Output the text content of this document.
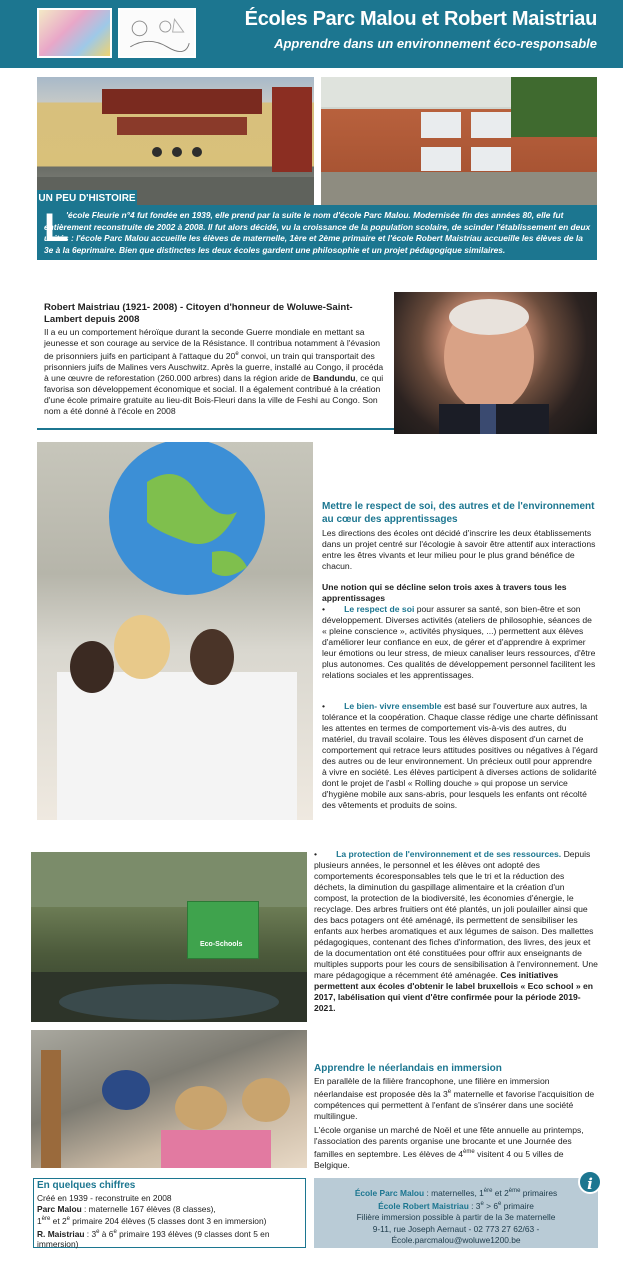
Écoles Parc Malou et Robert Maistriau
Apprendre dans un environnement éco-responsable
UN PEU D'HISTOIRE
L
'école Fleurie n°4 fut fondée en 1939, elle prend par la suite le nom d'école Parc Malou. Modernisée fin des années 80, elle fut entièrement reconstruite de 2002 à 2008. Il fut alors décidé, vu la croissance de la population scolaire, de scinder l'établissement en deux unités : l'école Parc Malou accueille les élèves de maternelle, 1ère et 2ème primaire et l'école Robert Maistriau accueille les élèves de la 3e à la 6eprimaire. Bien que distinctes les deux écoles gardent une philosophie et un projet pédagogique similaires.
Robert Maistriau (1921- 2008) - Citoyen d'honneur de Woluwe-Saint-Lambert depuis 2008
Il a eu un comportement héroïque durant la seconde Guerre mondiale en mettant sa jeunesse et son courage au service de la Résistance. Il contribua notamment à l'évasion de prisonniers juifs en participant à l'attaque du 20e convoi, un train qui transportait des prisonniers juifs de Malines vers Auschwitz. Après la guerre, installé au Congo, il procéda à une œuvre de reforestation (260.000 arbres) dans la région aride de Bandundu, ce qui favorisa son développement économique et social. Il a également contribué à la création d'une école primaire gratuite au lieu-dit Bois-Fleuri dans la ville de Feshi au Congo. Son nom a été donné à l'école en 2008
Mettre le respect de soi, des autres et de l'environnement au cœur des apprentissages
Les directions des écoles ont décidé d'inscrire les deux établissements dans un projet centré sur l'écologie à savoir être attentif aux interactions entre les êtres vivants et leur milieu pour le plus grand bénéfice de chacun.
Une notion qui se décline selon trois axes à travers tous les apprentissages
•        Le respect de soi pour assurer sa santé, son bien-être et son développement. Diverses activités (ateliers de philosophie, séances de « pleine conscience », activités physiques, ...) permettent aux élèves d'améliorer leur confiance en eux, de gérer et d'apprendre à exprimer leur émotions ou leur stress, de mieux canaliser leurs ressources, d'être plus autonomes. Ces qualités de développement personnel facilitent les relations sociales et les apprentissages.
•        Le bien- vivre ensemble est basé sur l'ouverture aux autres, la tolérance et la coopération. Chaque classe rédige une charte définissant les attentes en termes de comportement vis-à-vis des autres, du matériel, du travail scolaire. Tous les élèves disposent d'un carnet de comportement qui retrace leurs attitudes positives ou négatives à l'égard des autres ou de leur environnement. Un précieux outil pour apprendre à vivre en société. Les élèves participent à diverses actions de solidarité dont le projet de l'asbl « Rolling douche » qui propose un service d'hygiène mobile aux sans-abris, pour lesquels les enfants ont récolté des vêtements et produits de soins.
Eco-Schools
•        La protection de l'environnement et de ses ressources. Depuis plusieurs années, le personnel et les élèves ont adopté des comportements écoresponsables tels que le tri et la réduction des déchets, la diminution du gaspillage alimentaire et la création d'un compost, la protection de la biodiversité, les économies d'énergie, le recyclage. Des arbres fruitiers ont été plantés, un joli poulailler ainsi que des bacs potagers ont été aménagé, ils permettent de sensibiliser les enfants aux herbes aromatiques et aux légumes de saison. Des mallettes pédagogiques, contenant des fiches d'information, des livres, des jeux et de la documentation ont été constituées pour offrir aux enseignants de multiples supports pour les cours de sensibilisation à l'environnement. Une mare pédagogique a récemment été aménagée. Ces initiatives permettent aux écoles d'obtenir le label bruxellois « Eco school » en 2017, labélisation qui vient d'être confirmée pour la période 2019-2021.
Apprendre le néerlandais en immersion
En parallèle de la filière francophone, une filière en immersion néerlandaise est proposée dès la 3e maternelle et favorise l'acquisition de compétences qui permettent à l'enfant de s'insérer dans une société multilingue.
L'école organise un marché de Noël et une fête annuelle au printemps, l'association des parents organise une brocante et une Journée des familles en septembre. Les élèves de 4ème visitent 4 ou 5 villes de Belgique.
En quelques chiffres
Créé en 1939 - reconstruite en 2008
Parc Malou : maternelle 167 élèves (8 classes),
1ère et 2e primaire 204 élèves (5 classes dont 3 en immersion)
R. Maistriau : 3e à 6e primaire 193 élèves (9 classes dont 5 en immersion)
i
École Parc Malou : maternelles, 1ère et 2ème primaires
École Robert Maistriau : $3^e > 6^e$ primaire
Filière immersion possible à partir de la 3e maternelle
9-11, rue Joseph Aernaut - 02 773 27 62/63 - École.parcmalou@woluwe1200.be
